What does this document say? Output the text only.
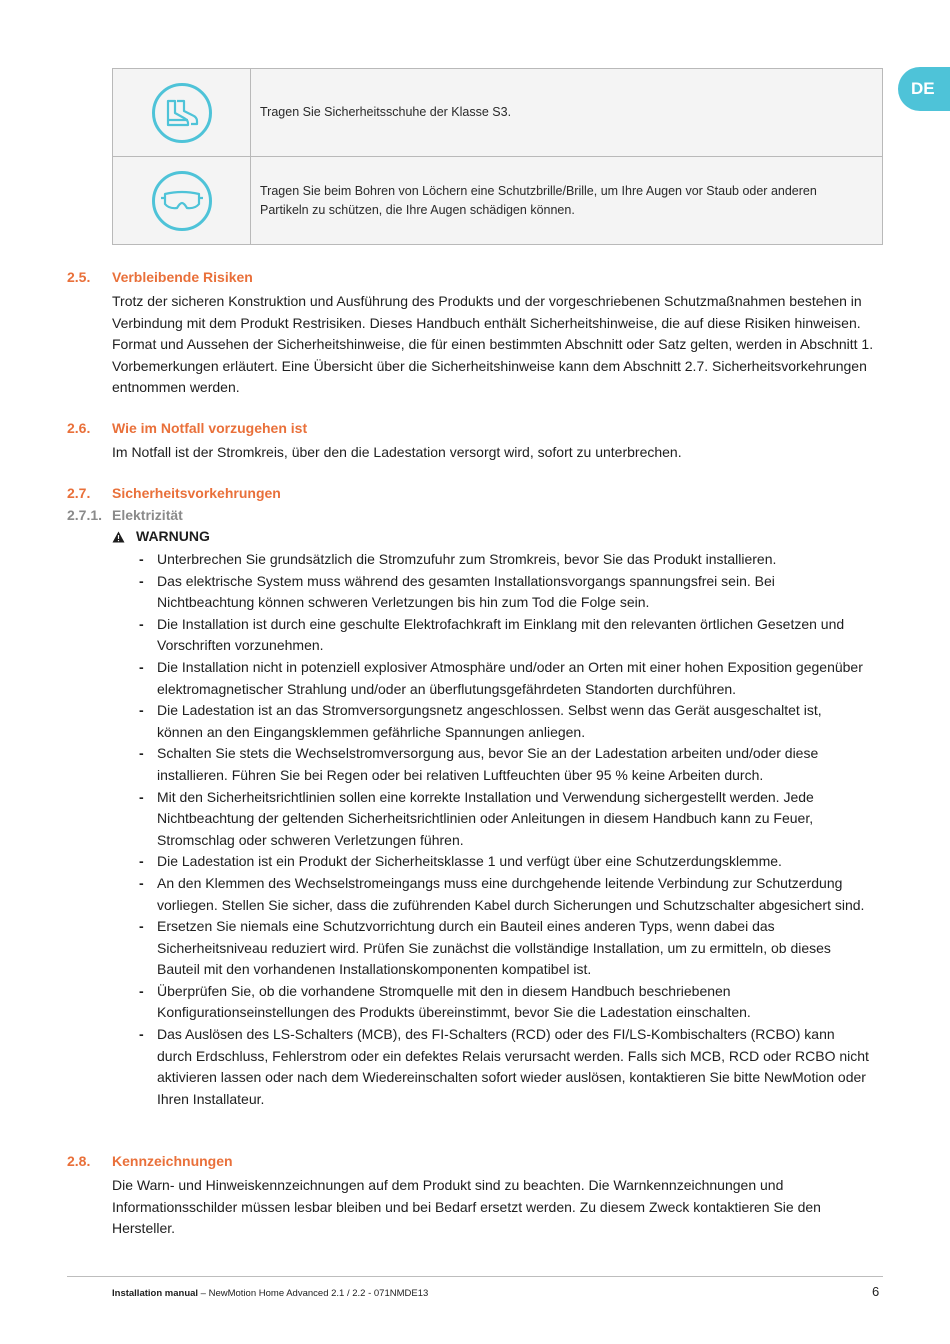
DE
	Tragen Sie Sicherheitsschuhe der Klasse S3.

	Tragen Sie beim Bohren von Löchern eine Schutzbrille/Brille, um Ihre Augen vor Staub oder anderen Partikeln zu schützen, die Ihre Augen schädigen können.
2.5. Verbleibende Risiken
Trotz der sicheren Konstruktion und Ausführung des Produkts und der vorgeschriebenen Schutzmaßnahmen bestehen in Verbindung mit dem Produkt Restrisiken. Dieses Handbuch enthält Sicherheitshinweise, die auf diese Risiken hinweisen. Format und Aussehen der Sicherheitshinweise, die für einen bestimmten Abschnitt oder Satz gelten, werden in Abschnitt 1. Vorbemerkungen erläutert. Eine Übersicht über die Sicherheitshinweise kann dem Abschnitt 2.7. Sicherheitsvorkehrungen entnommen werden.
2.6. Wie im Notfall vorzugehen ist
Im Notfall ist der Stromkreis, über den die Ladestation versorgt wird, sofort zu unterbrechen.
2.7. Sicherheitsvorkehrungen
2.7.1. Elektrizität
WARNUNG
- Unterbrechen Sie grundsätzlich die Stromzufuhr zum Stromkreis, bevor Sie das Produkt installieren.
- Das elektrische System muss während des gesamten Installationsvorgangs spannungsfrei sein. Bei Nichtbeachtung können schweren Verletzungen bis hin zum Tod die Folge sein.
- Die Installation ist durch eine geschulte Elektrofachkraft im Einklang mit den relevanten örtlichen Gesetzen und Vorschriften vorzunehmen.
- Die Installation nicht in potenziell explosiver Atmosphäre und/oder an Orten mit einer hohen Exposition gegenüber elektromagnetischer Strahlung und/oder an überflutungsgefährdeten Standorten durchführen.
- Die Ladestation ist an das Stromversorgungsnetz angeschlossen. Selbst wenn das Gerät ausgeschaltet ist, können an den Eingangsklemmen gefährliche Spannungen anliegen.
- Schalten Sie stets die Wechselstromversorgung aus, bevor Sie an der Ladestation arbeiten und/oder diese installieren. Führen Sie bei Regen oder bei relativen Luftfeuchten über 95 % keine Arbeiten durch.
- Mit den Sicherheitsrichtlinien sollen eine korrekte Installation und Verwendung sichergestellt werden. Jede Nichtbeachtung der geltenden Sicherheitsrichtlinien oder Anleitungen in diesem Handbuch kann zu Feuer, Stromschlag oder schweren Verletzungen führen.
- Die Ladestation ist ein Produkt der Sicherheitsklasse 1 und verfügt über eine Schutzerdungsklemme.
- An den Klemmen des Wechselstromeingangs muss eine durchgehende leitende Verbindung zur Schutzerdung vorliegen. Stellen Sie sicher, dass die zuführenden Kabel durch Sicherungen und Schutzschalter abgesichert sind.
- Ersetzen Sie niemals eine Schutzvorrichtung durch ein Bauteil eines anderen Typs, wenn dabei das Sicherheitsniveau reduziert wird. Prüfen Sie zunächst die vollständige Installation, um zu ermitteln, ob dieses Bauteil mit den vorhandenen Installationskomponenten kompatibel ist.
- Überprüfen Sie, ob die vorhandene Stromquelle mit den in diesem Handbuch beschriebenen Konfigurationseinstellungen des Produkts übereinstimmt, bevor Sie die Ladestation einschalten.
- Das Auslösen des LS-Schalters (MCB), des FI-Schalters (RCD) oder des FI/LS-Kombischalters (RCBO) kann durch Erdschluss, Fehlerstrom oder ein defektes Relais verursacht werden. Falls sich MCB, RCD oder RCBO nicht aktivieren lassen oder nach dem Wiedereinschalten sofort wieder auslösen, kontaktieren Sie bitte NewMotion oder Ihren Installateur.
2.8. Kennzeichnungen
Die Warn- und Hinweiskennzeichnungen auf dem Produkt sind zu beachten. Die Warnkennzeichnungen und Informationsschilder müssen lesbar bleiben und bei Bedarf ersetzt werden. Zu diesem Zweck kontaktieren Sie den Hersteller.
Installation manual – NewMotion Home Advanced 2.1 / 2.2 - 071NMDE13	6
